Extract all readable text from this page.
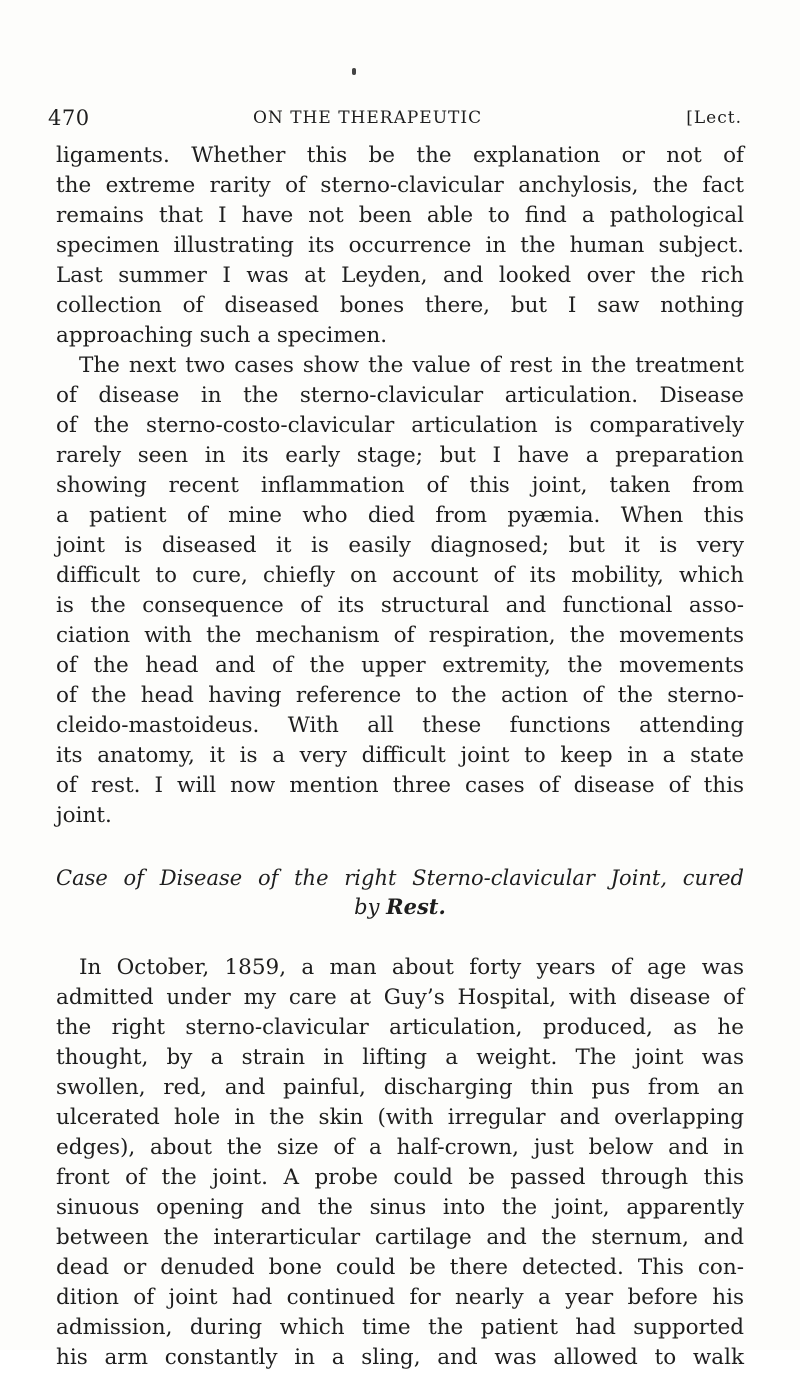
470	ON THE THERAPEUTIC	[Lect.
ligaments. Whether this be the explanation or not of
the extreme rarity of sterno-clavicular anchylosis, the fact
remains that I have not been able to find a pathological
specimen illustrating its occurrence in the human subject.
Last summer I was at Leyden, and looked over the rich
collection of diseased bones there, but I saw nothing
approaching such a specimen.
The next two cases show the value of rest in the treatment
of disease in the sterno-clavicular articulation. Disease
of the sterno-costo-clavicular articulation is comparatively
rarely seen in its early stage; but I have a preparation
showing recent inflammation of this joint, taken from
a patient of mine who died from pyæmia. When this
joint is diseased it is easily diagnosed; but it is very
difficult to cure, chiefly on account of its mobility, which
is the consequence of its structural and functional asso-
ciation with the mechanism of respiration, the movements
of the head and of the upper extremity, the movements
of the head having reference to the action of the sterno-
cleido-mastoideus. With all these functions attending
its anatomy, it is a very difficult joint to keep in a state
of rest. I will now mention three cases of disease of this
joint.
Case of Disease of the right Sterno-clavicular Joint, cured
by Rest.
In October, 1859, a man about forty years of age was
admitted under my care at Guy’s Hospital, with disease of
the right sterno-clavicular articulation, produced, as he
thought, by a strain in lifting a weight. The joint was
swollen, red, and painful, discharging thin pus from an
ulcerated hole in the skin (with irregular and overlapping
edges), about the size of a half-crown, just below and in
front of the joint. A probe could be passed through this
sinuous opening and the sinus into the joint, apparently
between the interarticular cartilage and the sternum, and
dead or denuded bone could be there detected. This con-
dition of joint had continued for nearly a year before his
admission, during which time the patient had supported
his arm constantly in a sling, and was allowed to walk
